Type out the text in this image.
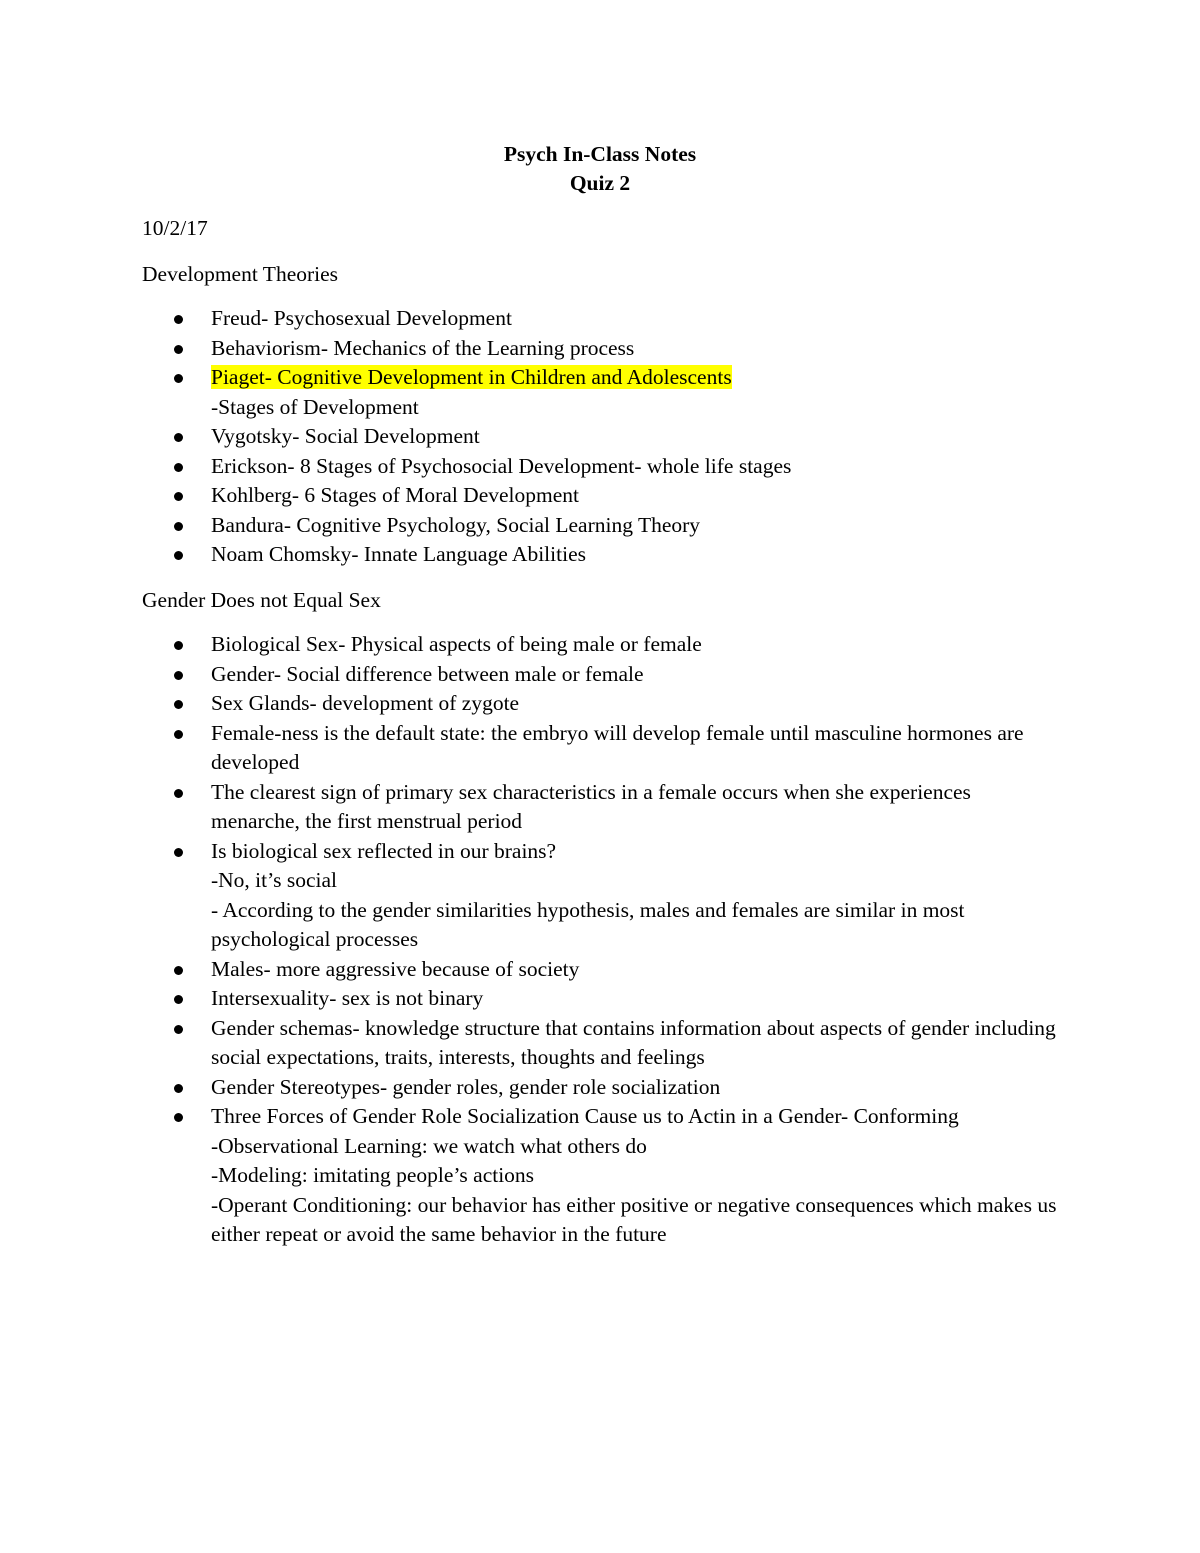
Psych In-Class Notes
Quiz 2
10/2/17
Development Theories
Freud- Psychosexual Development
Behaviorism- Mechanics of the Learning process
Piaget- Cognitive Development in Children and Adolescents
-Stages of Development
Vygotsky- Social Development
Erickson- 8 Stages of Psychosocial Development- whole life stages
Kohlberg- 6 Stages of Moral Development
Bandura- Cognitive Psychology, Social Learning Theory
Noam Chomsky- Innate Language Abilities
Gender Does not Equal Sex
Biological Sex- Physical aspects of being male or female
Gender- Social difference between male or female
Sex Glands- development of zygote
Female-ness is the default state: the embryo will develop female until masculine hormones are developed
The clearest sign of primary sex characteristics in a female occurs when she experiences menarche, the first menstrual period
Is biological sex reflected in our brains?
-No, it’s social
- According to the gender similarities hypothesis, males and females are similar in most psychological processes
Males- more aggressive because of society
Intersexuality- sex is not binary
Gender schemas- knowledge structure that contains information about aspects of gender including social expectations, traits, interests, thoughts and feelings
Gender Stereotypes- gender roles, gender role socialization
Three Forces of Gender Role Socialization Cause us to Actin in a Gender- Conforming
-Observational Learning: we watch what others do
-Modeling: imitating people’s actions
-Operant Conditioning: our behavior has either positive or negative consequences which makes us either repeat or avoid the same behavior in the future
